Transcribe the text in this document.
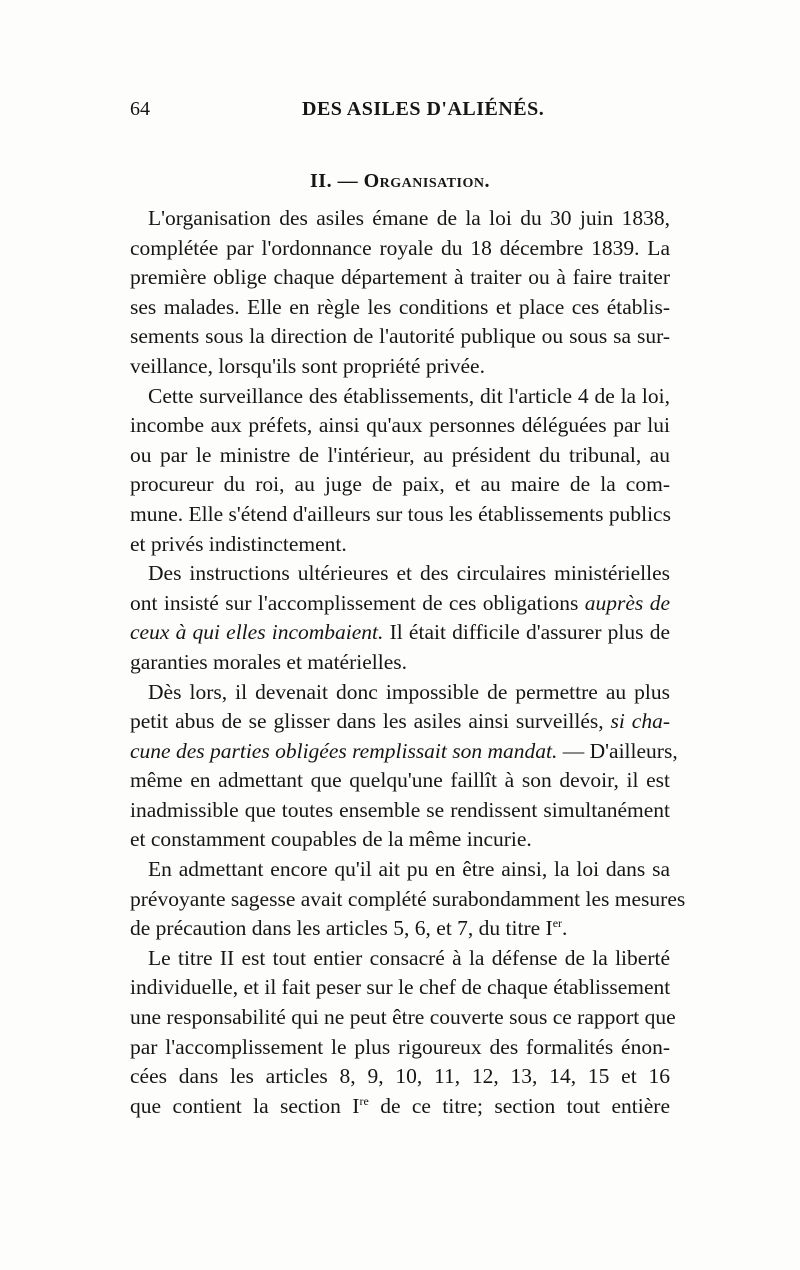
64	DES ASILES D'ALIÉNÉS.
II. — Organisation.
L'organisation des asiles émane de la loi du 30 juin 1838,
complétée par l'ordonnance royale du 18 décembre 1839. La
première oblige chaque département à traiter ou à faire traiter
ses malades. Elle en règle les conditions et place ces établis-
sements sous la direction de l'autorité publique ou sous sa sur-
veillance, lorsqu'ils sont propriété privée.
Cette surveillance des établissements, dit l'article 4 de la loi,
incombe aux préfets, ainsi qu'aux personnes déléguées par lui
ou par le ministre de l'intérieur, au président du tribunal, au
procureur du roi, au juge de paix, et au maire de la com-
mune. Elle s'étend d'ailleurs sur tous les établissements publics
et privés indistinctement.
Des instructions ultérieures et des circulaires ministérielles
ont insisté sur l'accomplissement de ces obligations auprès de
ceux à qui elles incombaient. Il était difficile d'assurer plus de
garanties morales et matérielles.
Dès lors, il devenait donc impossible de permettre au plus
petit abus de se glisser dans les asiles ainsi surveillés, si cha-
cune des parties obligées remplissait son mandat. — D'ailleurs,
même en admettant que quelqu'une faillît à son devoir, il est
inadmissible que toutes ensemble se rendissent simultanément
et constamment coupables de la même incurie.
En admettant encore qu'il ait pu en être ainsi, la loi dans sa
prévoyante sagesse avait complété surabondamment les mesures
de précaution dans les articles 5, 6, et 7, du titre Ier.
Le titre II est tout entier consacré à la défense de la liberté
individuelle, et il fait peser sur le chef de chaque établissement
une responsabilité qui ne peut être couverte sous ce rapport que
par l'accomplissement le plus rigoureux des formalités énon-
cées dans les articles 8, 9, 10, 11, 12, 13, 14, 15 et 16
que contient la section Ire de ce titre; section tout entière
